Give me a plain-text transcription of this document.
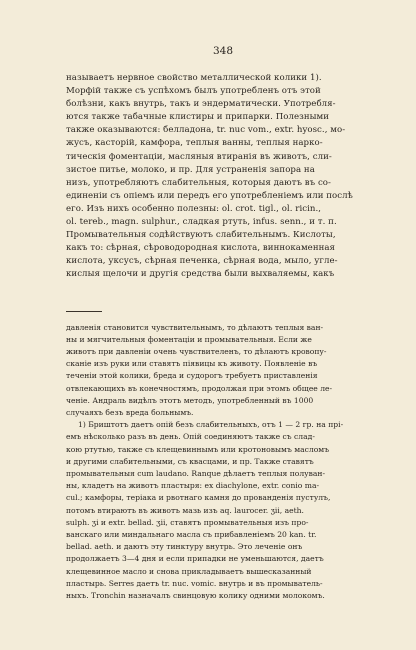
348

называетъ нервное свойство металлической колики 1).

Морфій также съ успѣхомъ былъ употребленъ отъ этой

болѣзни, какъ внутрь, такъ и эндерматически. Употребля-

ются также табачные клистиры и припарки. Полезными

также оказываются: белладона, tr. nuc vom., extr. hyosc., мо-

жусъ, касторій, камфора, теплыя ванны, теплыя нарко-

тическія фоментаціи, масляныя втиранія въ животъ, сли-

зистое питье, молоко, и пр. Для устраненія запора на

низъ, употребляютъ слабительныя, которыя даютъ въ со-

единеніи съ опіемъ или передъ его употребленіемъ или послѣ

его. Изъ нихъ особенно полезны: ol. crot. tigl., ol. ricin.,

ol. tereb., magn. sulphur., сладкая ртуть, infus. senn., и т. п.

Промывательныя содѣйствуютъ слабительнымъ. Кислоты,

какъ то: сѣрная, сѣроводородная кислота, виннокаменная

кислота, уксусъ, сѣрная печенка, сѣрная вода, мыло, угле-

кислыя щелочи и другія средства были выхваляемы, какъ

давленія становится чувствительнымъ, то дѣлаютъ теплыя ван-

ны и мягчительныя фоментаціи и промывательныя. Если же

животъ при давленіи очень чувствителенъ, то дѣлаютъ кровопу-

сканіе изъ руки или ставятъ піявицы къ животу. Появленіе въ

теченіи этой колики, бреда и судорогъ требуетъ приставленія

отвлекающихъ въ конечностямъ, продолжая при этомъ общее ле-

ченіе. Андраль видѣлъ этотъ методъ, употребленный въ 1000

случаяхъ безъ вреда больнымъ.

1) Бриштотъ даетъ опій безъ слабительныхъ, отъ 1 — 2 гр. на прі-

емъ нѣсколько разъ въ день. Опій соединяютъ также съ слад-

кою ртутью, также съ клещевиннымъ или кротоновымъ масломъ

и другими слабительными, съ квасцами, и пр. Также ставятъ

промывательныя cum laudano. Ranque дѣлаетъ теплыя полуван-

ны, кладетъ на животъ пластыря: ex diachylone, extr. conio ma-

cul.; камфоры, теріака и рвотнаго камня до прованденія пустулъ,

потомъ втираютъ въ животъ мазь изъ aq. laurocer. ʒii, aeth.

sulph. ʒi и extr. bellad. ʒii, ставятъ промывательныя изъ про-

ванскаго или миндальнаго масла съ прибавленіемъ 20 kan. tr.

bellad. aeth. и даютъ эту тинктуру внутрь. Это леченіе онъ

продолжаетъ 3—4 дня и если припадки не уменьшаются, даетъ

клещевинное масло и снова прикладываетъ вышесказанный

пластырь. Serres даетъ tr. nuc. vomic. внутрь и въ промыватель-

ныхъ. Tronchin назначалъ свинцовую колику одними молокомъ.
